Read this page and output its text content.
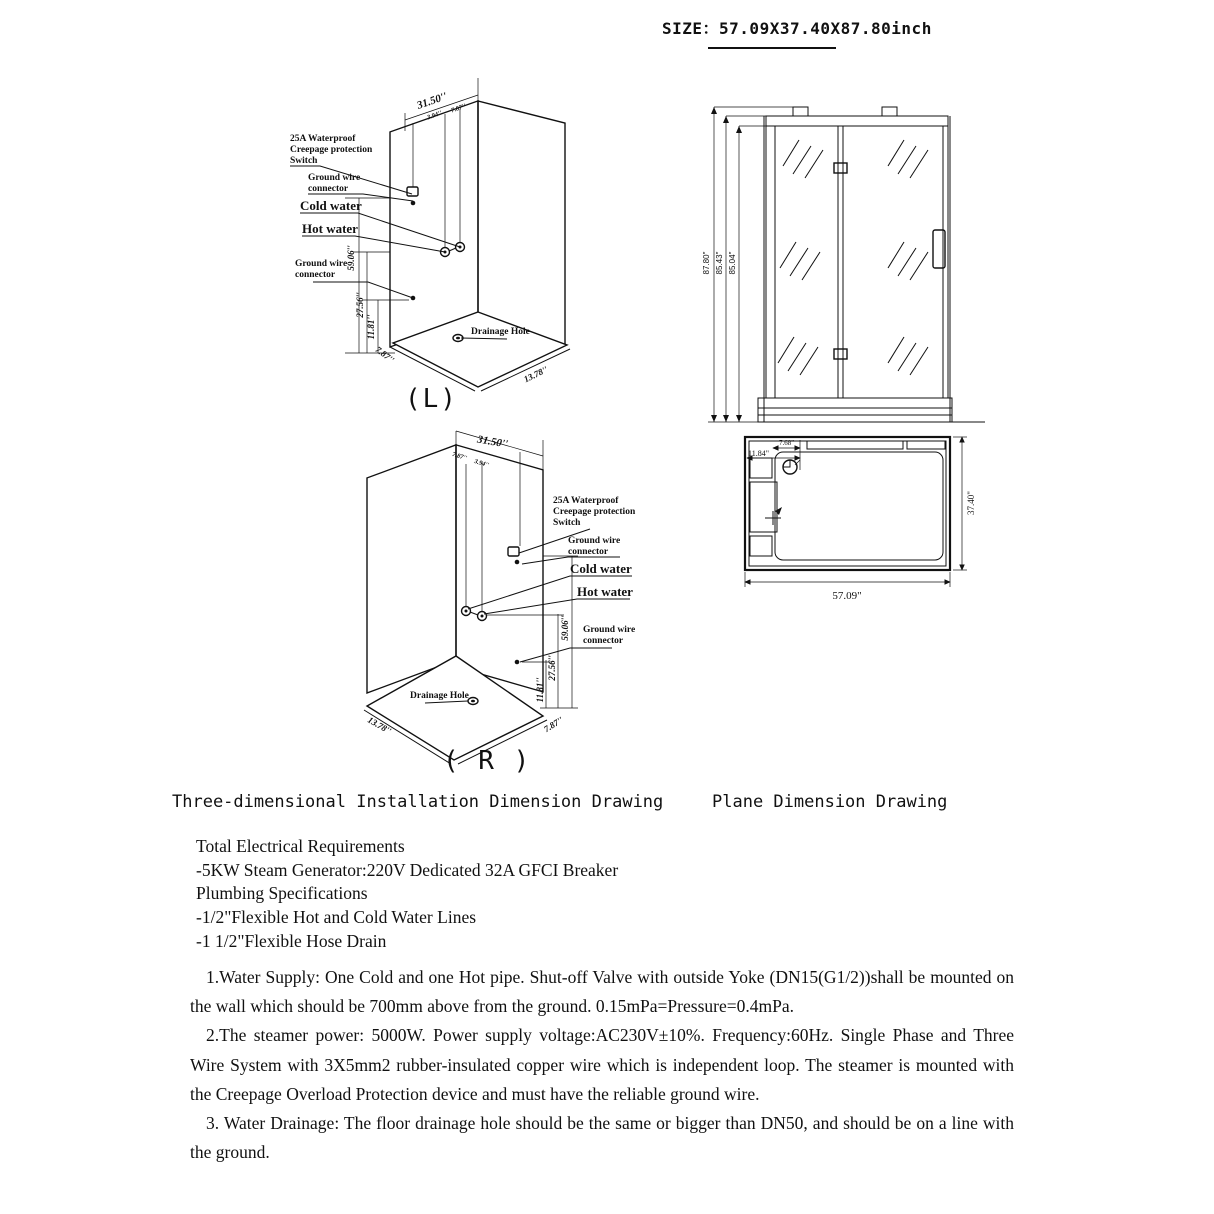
SIZE：57.09X37.40X87.80inch
25A Waterproof
Creepage protection
Switch
Ground wire
connector
Cold water
Hot water
Ground wire
connector
Drainage Hole
31.50''
3.94''
7.87''
59.06''
27.56''
11.81''
7.87''
13.78''
(L)
87.80" 85.43" 85.04"
25A Waterproof
Creepage protection
Switch
Ground wire
connector
Cold water
Hot water
Ground wire
connector
Drainage Hole
31.50''
7.87''
3.94''
59.06''
27.56''
11.81''
13.78''	7.87''
( R )
11.84"
7.68"
57.09"
37.40"
Three-dimensional Installation Dimension Drawing	Plane Dimension Drawing
Total Electrical Requirements
-5KW Steam Generator:220V Dedicated 32A GFCI Breaker
Plumbing Specifications
-1/2"Flexible Hot and Cold Water Lines
-1 1/2"Flexible Hose Drain

1.Water Supply: One Cold and one Hot pipe. Shut-off Valve with outside Yoke (DN15(G1/2))shall be mounted on the wall which should be 700mm above from the ground. 0.15mPa=Pressure=0.4mPa.

2.The steamer power: 5000W. Power supply voltage:AC230V±10%. Frequency:60Hz. Single Phase and Three Wire System with 3X5mm2 rubber-insulated copper wire which is independent loop. The steamer is mounted with the Creepage Overload Protection device and must have the reliable ground wire.

3. Water Drainage: The floor drainage hole should be the same or bigger than DN50, and should be on a line with the ground.
